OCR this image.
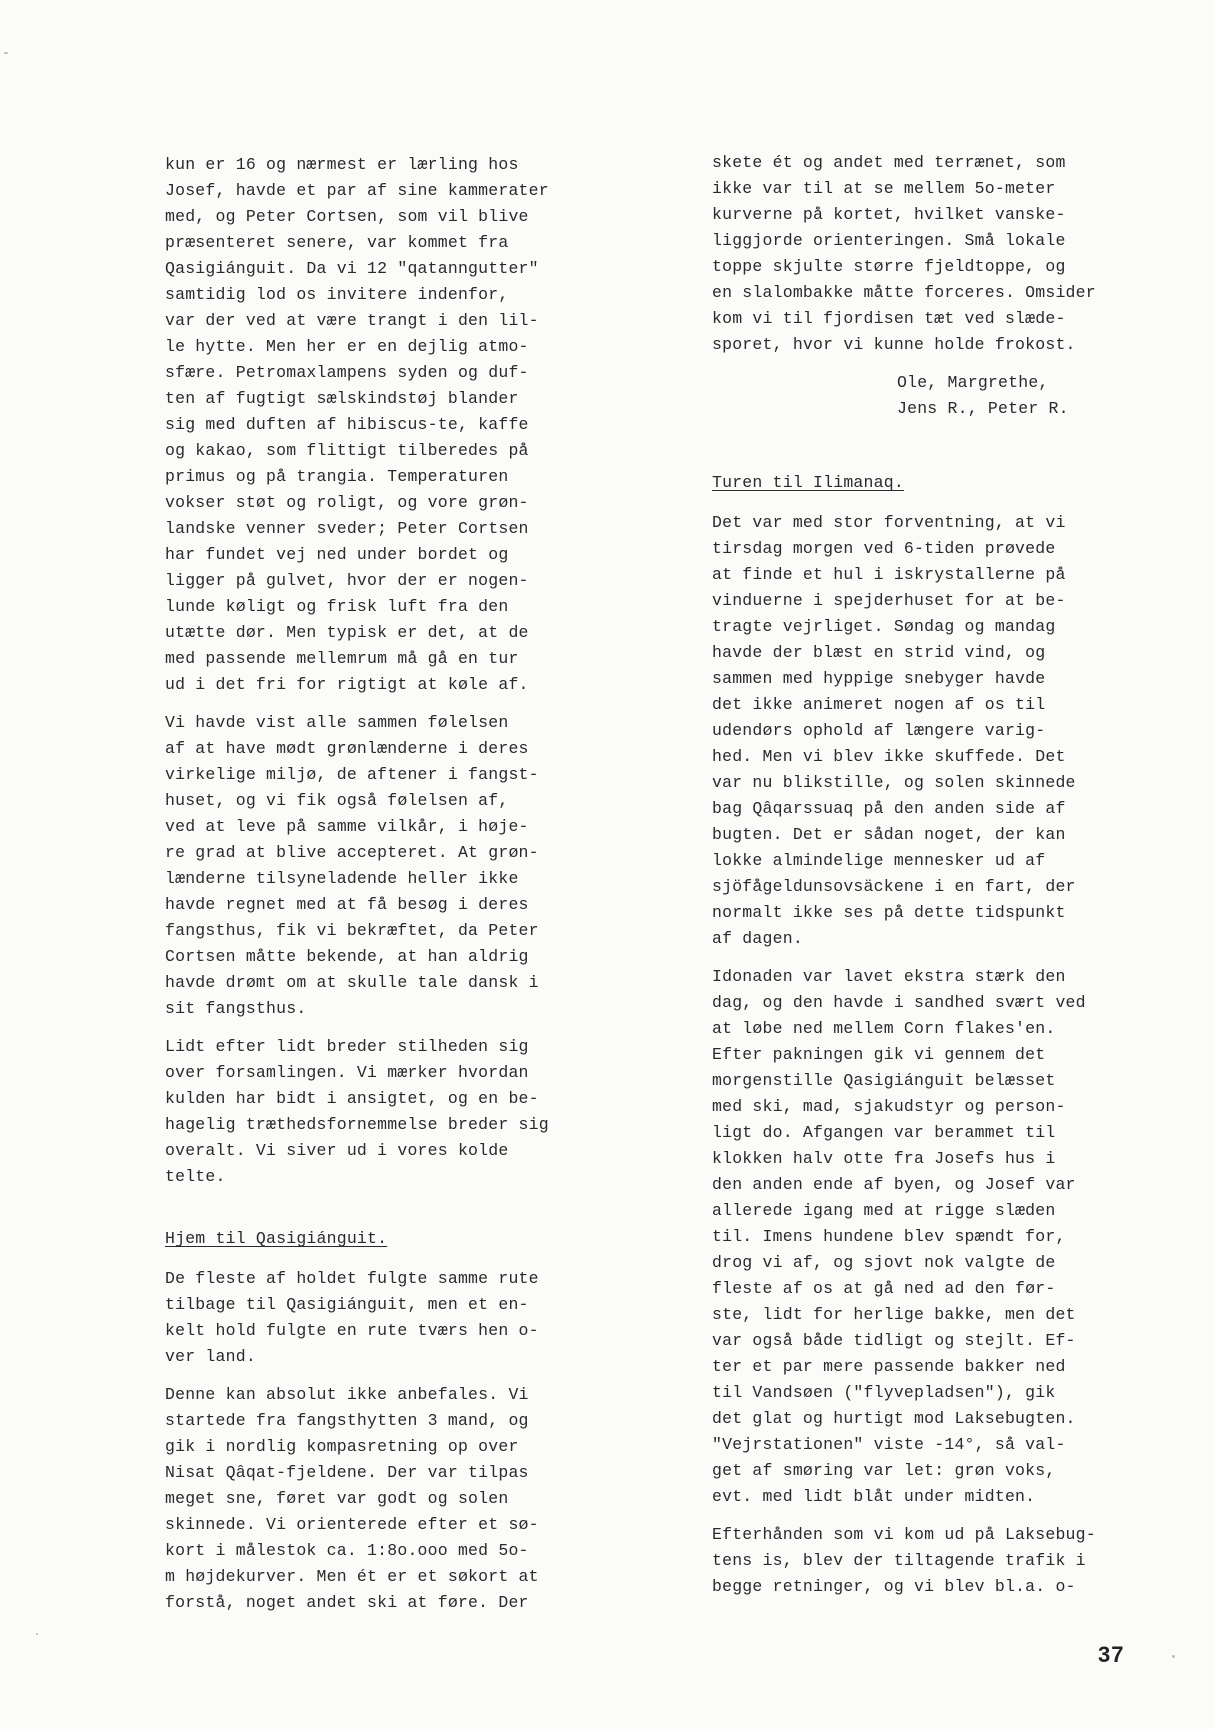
kun er 16 og nærmest er lærling hos
Josef, havde et par af sine kammerater
med, og Peter Cortsen, som vil blive
præsenteret senere, var kommet fra
Qasigiánguit. Da vi 12 "qatanngutter"
samtidig lod os invitere indenfor,
var der ved at være trangt i den lil-
le hytte. Men her er en dejlig atmo-
sfære. Petromaxlampens syden og duf-
ten af fugtigt sælskindstøj blander
sig med duften af hibiscus-te, kaffe
og kakao, som flittigt tilberedes på
primus og på trangia. Temperaturen
vokser støt og roligt, og vore grøn-
landske venner sveder; Peter Cortsen
har fundet vej ned under bordet og
ligger på gulvet, hvor der er nogen-
lunde køligt og frisk luft fra den
utætte dør. Men typisk er det, at de
med passende mellemrum må gå en tur
ud i det fri for rigtigt at køle af.
Vi havde vist alle sammen følelsen
af at have mødt grønlænderne i deres
virkelige miljø, de aftener i fangst-
huset, og vi fik også følelsen af,
ved at leve på samme vilkår, i høje-
re grad at blive accepteret. At grøn-
lænderne tilsyneladende heller ikke
havde regnet med at få besøg i deres
fangsthus, fik vi bekræftet, da Peter
Cortsen måtte bekende, at han aldrig
havde drømt om at skulle tale dansk i
sit fangsthus.
Lidt efter lidt breder stilheden sig
over forsamlingen. Vi mærker hvordan
kulden har bidt i ansigtet, og en be-
hagelig træthedsfornemmelse breder sig
overalt. Vi siver ud i vores kolde
telte.
Hjem til Qasigiánguit.
De fleste af holdet fulgte samme rute
tilbage til Qasigiánguit, men et en-
kelt hold fulgte en rute tværs hen o-
ver land.
Denne kan absolut ikke anbefales. Vi
startede fra fangsthytten 3 mand, og
gik i nordlig kompasretning op over
Nisat Qâqat-fjeldene. Der var tilpas
meget sne, føret var godt og solen
skinnede. Vi orienterede efter et sø-
kort i målestok ca. 1:8o.ooo med 5o-
m højdekurver. Men ét er et søkort at
forstå, noget andet ski at føre. Der
skete ét og andet med terrænet, som
ikke var til at se mellem 5o-meter
kurverne på kortet, hvilket vanske-
liggjorde orienteringen. Små lokale
toppe skjulte større fjeldtoppe, og
en slalombakke måtte forceres. Omsider
kom vi til fjordisen tæt ved slæde-
sporet, hvor vi kunne holde frokost.
Ole, Margrethe,
Jens R., Peter R.
Turen til Ilimanaq.
Det var med stor forventning, at vi
tirsdag morgen ved 6-tiden prøvede
at finde et hul i iskrystallerne på
vinduerne i spejderhuset for at be-
tragte vejrliget. Søndag og mandag
havde der blæst en strid vind, og
sammen med hyppige snebyger havde
det ikke animeret nogen af os til
udendørs ophold af længere varig-
hed. Men vi blev ikke skuffede. Det
var nu blikstille, og solen skinnede
bag Qâqarssuaq på den anden side af
bugten. Det er sådan noget, der kan
lokke almindelige mennesker ud af
sjöfågeldunsovsäckene i en fart, der
normalt ikke ses på dette tidspunkt
af dagen.
Idonaden var lavet ekstra stærk den
dag, og den havde i sandhed svært ved
at løbe ned mellem Corn flakes'en.
Efter pakningen gik vi gennem det
morgenstille Qasigiánguit belæsset
med ski, mad, sjakudstyr og person-
ligt do. Afgangen var berammet til
klokken halv otte fra Josefs hus i
den anden ende af byen, og Josef var
allerede igang med at rigge slæden
til. Imens hundene blev spændt for,
drog vi af, og sjovt nok valgte de
fleste af os at gå ned ad den før-
ste, lidt for herlige bakke, men det
var også både tidligt og stejlt. Ef-
ter et par mere passende bakker ned
til Vandsøen ("flyvepladsen"), gik
det glat og hurtigt mod Laksebugten.
"Vejrstationen" viste -14°, så val-
get af smøring var let: grøn voks,
evt. med lidt blåt under midten.
Efterhånden som vi kom ud på Laksebug-
tens is, blev der tiltagende trafik i
begge retninger, og vi blev bl.a. o-
37
